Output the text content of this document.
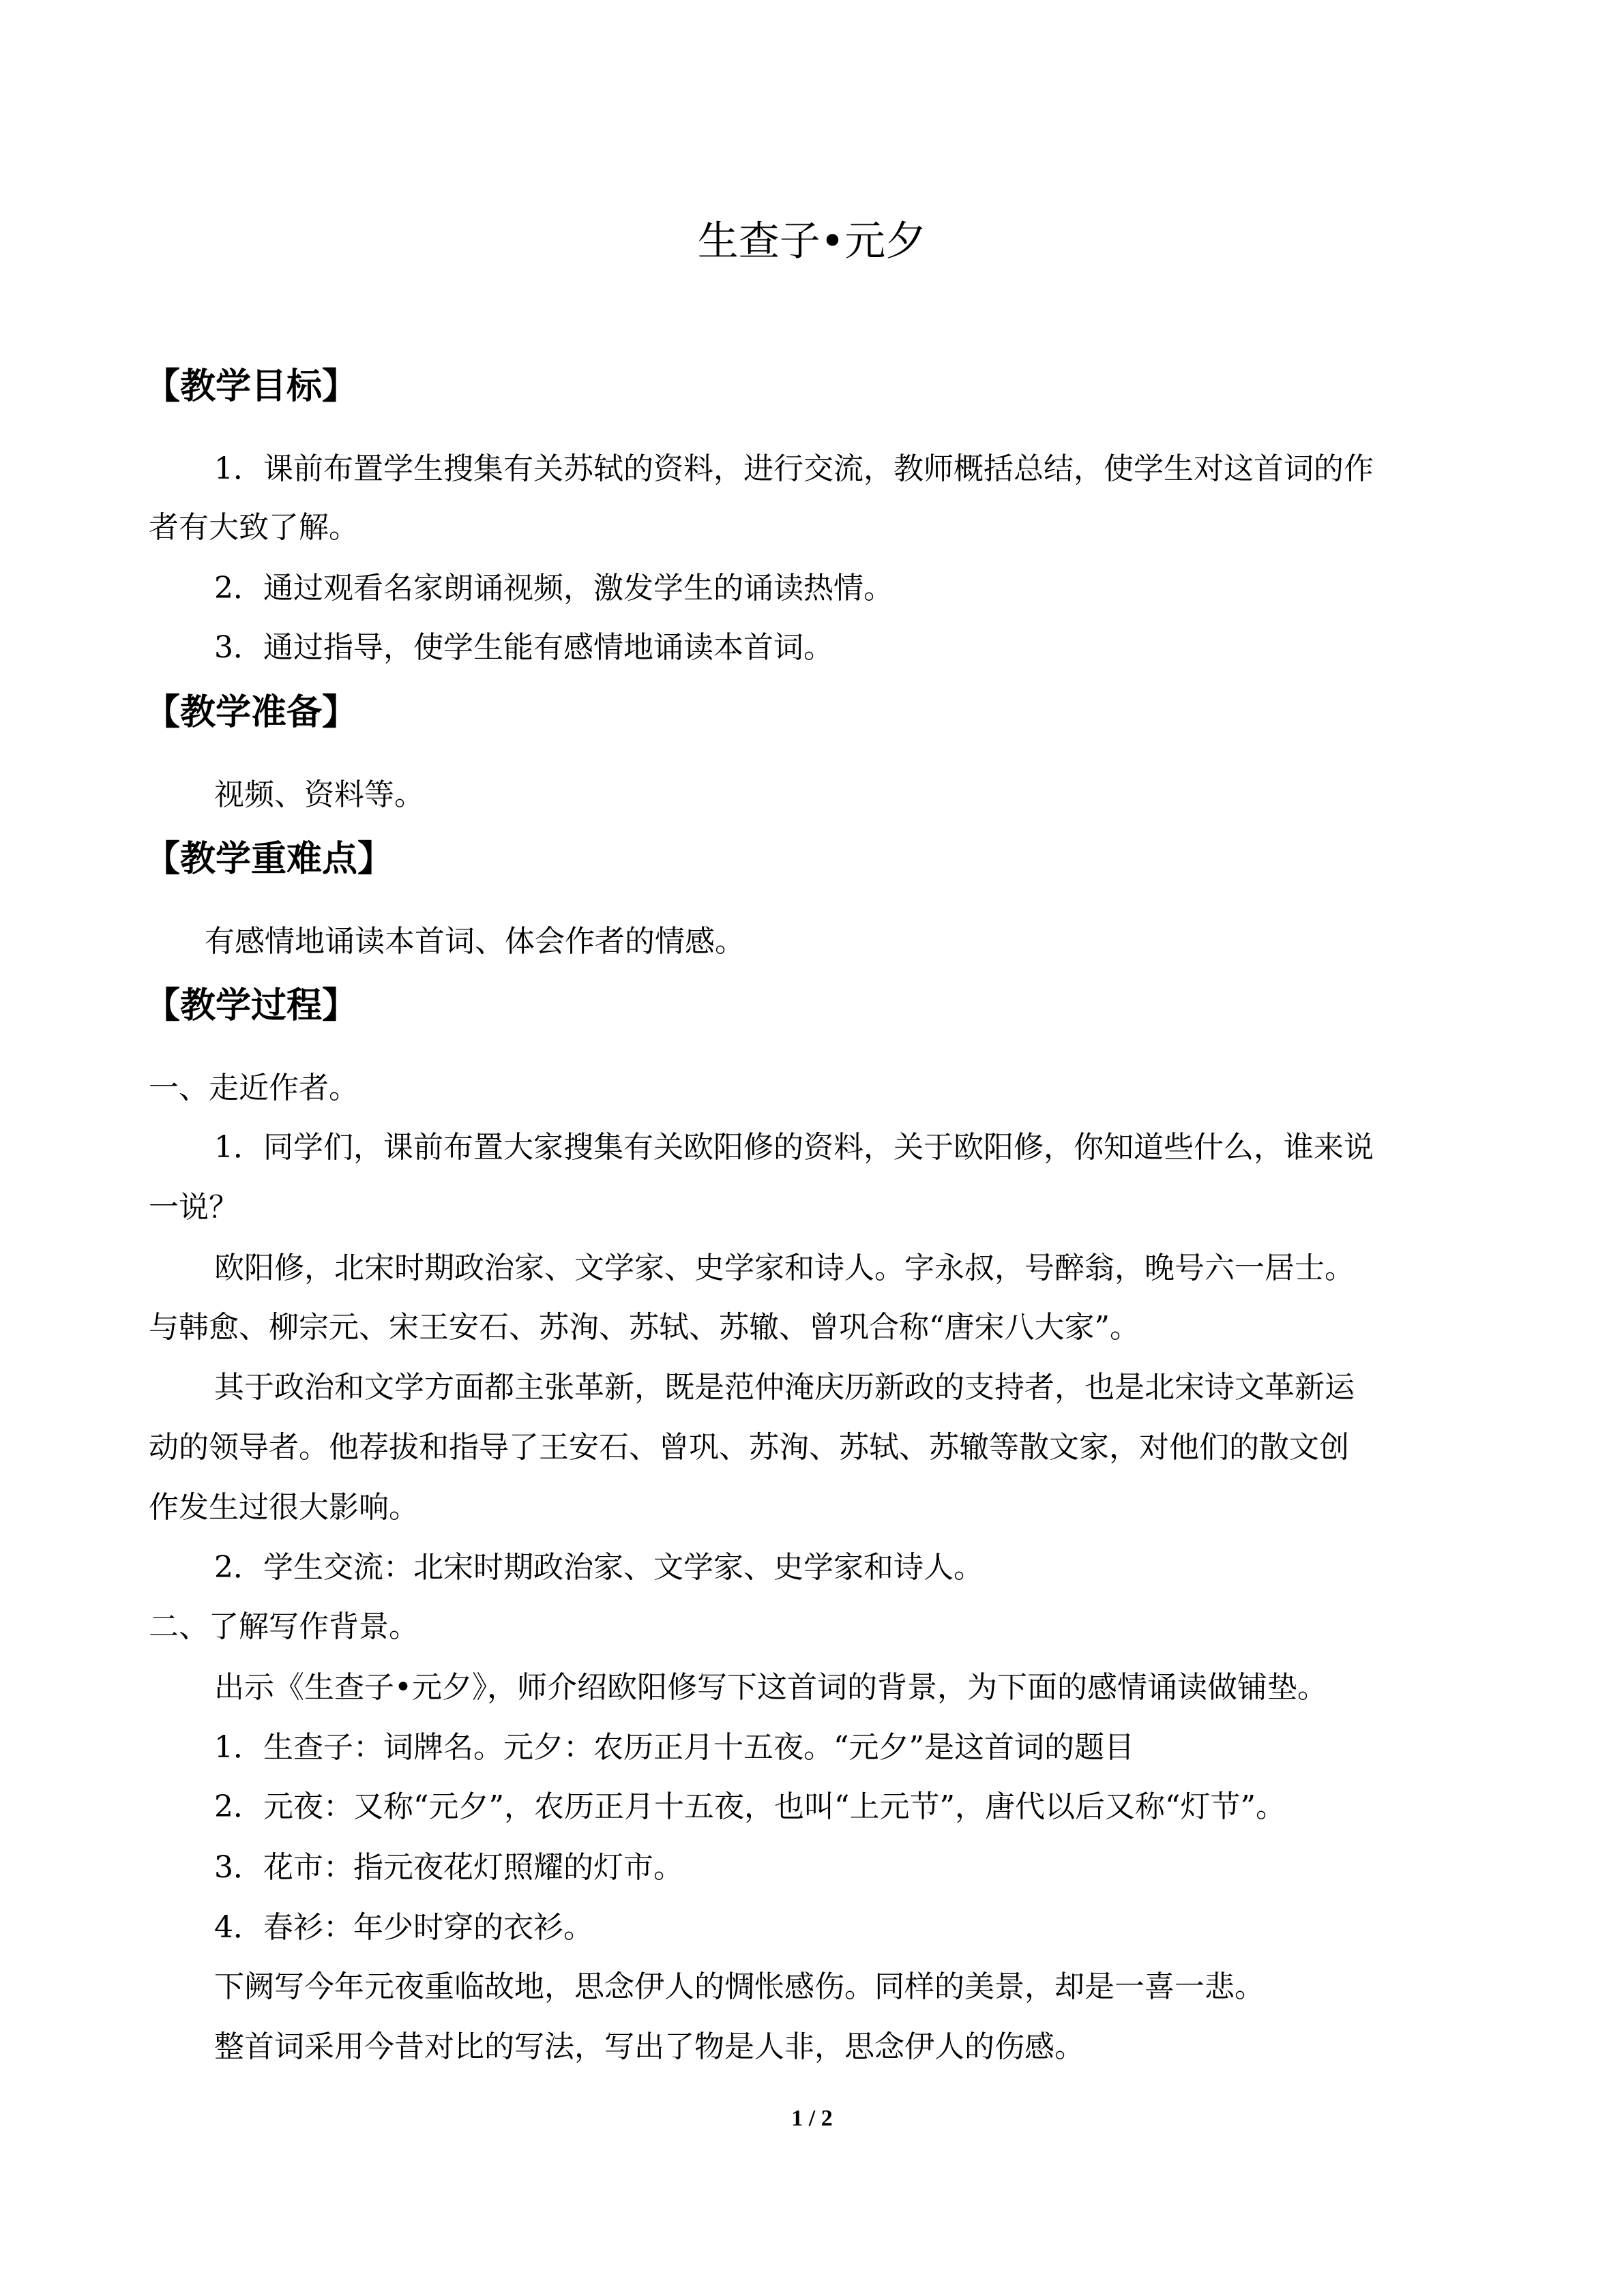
生查子•元夕
【教学目标】
1．课前布置学生搜集有关苏轼的资料，进行交流，教师概括总结，使学生对这首词的作
者有大致了解。
2．通过观看名家朗诵视频，激发学生的诵读热情。
3．通过指导，使学生能有感情地诵读本首词。
【教学准备】
视频、资料等。
【教学重难点】
有感情地诵读本首词、体会作者的情感。
【教学过程】
一、走近作者。
1．同学们，课前布置大家搜集有关欧阳修的资料，关于欧阳修，你知道些什么，谁来说
一说？
欧阳修，北宋时期政治家、文学家、史学家和诗人。字永叔，号醉翁，晚号六一居士。
与韩愈、柳宗元、宋王安石、苏洵、苏轼、苏辙、曾巩合称“唐宋八大家”。
其于政治和文学方面都主张革新，既是范仲淹庆历新政的支持者，也是北宋诗文革新运
动的领导者。他荐拔和指导了王安石、曾巩、苏洵、苏轼、苏辙等散文家，对他们的散文创
作发生过很大影响。
2．学生交流：北宋时期政治家、文学家、史学家和诗人。
二、了解写作背景。
出示《生查子•元夕》，师介绍欧阳修写下这首词的背景，为下面的感情诵读做铺垫。
1．生查子：词牌名。元夕：农历正月十五夜。“元夕”是这首词的题目
2．元夜：又称“元夕”，农历正月十五夜，也叫“上元节”，唐代以后又称“灯节”。
3．花市：指元夜花灯照耀的灯市。
4．春衫：年少时穿的衣衫。
下阙写今年元夜重临故地，思念伊人的惆怅感伤。同样的美景，却是一喜一悲。
整首词采用今昔对比的写法，写出了物是人非，思念伊人的伤感。
1 / 2
